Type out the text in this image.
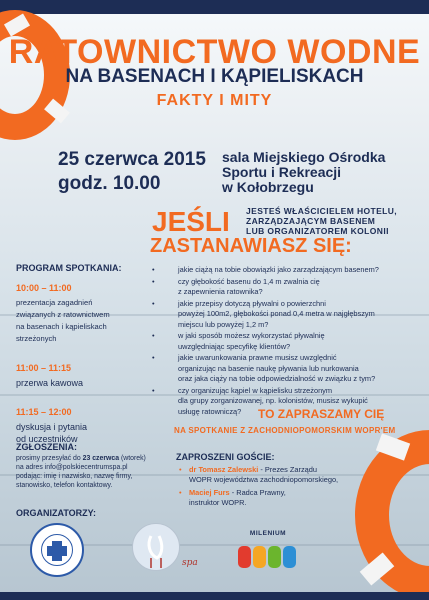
RATOWNICTWO WODNE
NA BASENACH I KĄPIELISKACH
FAKTY I MITY
25 czerwca 2015
godz. 10.00
sala Miejskiego Ośrodka
Sportu i Rekreacji
w Kołobrzegu
JEŚLI JESTEŚ WŁAŚCICIELEM HOTELU,
ZARZĄDZAJĄCYM BASENEM
LUB ORGANIZATOREM KOLONII
ZASTANAWIASZ SIĘ:
PROGRAM SPOTKANIA:
10:00 – 11:00
prezentacja zagadnień
związanych z ratownictwem
na basenach i kąpieliskach
strzeżonych
11:00 – 11:15
przerwa kawowa
11:15 – 12:00
dyskusja i pytania
od uczestników
•	jakie ciążą na tobie obowiązki jako zarządzającym basenem?
•	czy głębokość basenu do 1,4 m zwalnia cię
z zapewnienia ratownika?
•	jakie przepisy dotyczą pływalni o powierzchni
powyżej 100m2, głębokości ponad 0,4 metra w najgłębszym
miejscu lub powyżej 1,2 m?
•	w jaki sposób możesz wykorzystać pływalnię
uwzględniając specyfikę klientów?
•	jakie uwarunkowania prawne musisz uwzględnić
organizując na basenie naukę pływania lub nurkowania
oraz jaka ciąży na tobie odpowiedzialność w związku z tym?
•	czy organizując kąpiel w kąpielisku strzeżonym
dla grupy zorganizowanej, np. kolonistów, musisz wykupić
usługę ratowniczą?	TO ZAPRASZAMY CIĘ
NA SPOTKANIE Z ZACHODNIOPOMORSKIM WOPR'EM
ZGŁOSZENIA:
prosimy przesyłać do 23 czerwca (wtorek)
na adres info@polskiecentrumspa.pl
podając: imię i nazwisko, nazwę firmy,
stanowisko, telefon kontaktowy.
ZAPROSZENI GOŚCIE:
• dr Tomasz Zalewski - Prezes Zarządu
WOPR województwa zachodniopomorskiego,
• Maciej Furs - Radca Prawny,
instruktor WOPR.
ORGANIZATORZY:
spa
MILENIUM
